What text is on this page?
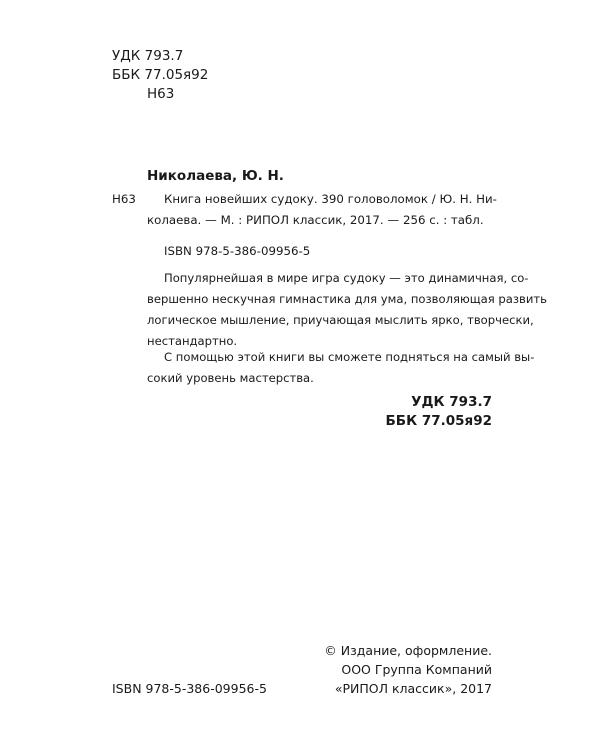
УДК 793.7
ББК 77.05я92
Н63
Николаева, Ю. Н.
Н63 Книга новейших судоку. 390 головоломок / Ю. Н. Ни-
колаева. — М. : РИПОЛ классик, 2017. — 256 с. : табл.
ISBN 978-5-386-09956-5
Популярнейшая в мире игра судоку — это динамичная, со-
вершенно нескучная гимнастика для ума, позволяющая развить
логическое мышление, приучающая мыслить ярко, творчески,
нестандартно.
С помощью этой книги вы сможете подняться на самый вы-
сокий уровень мастерства.
УДК 793.7
ББК 77.05я92
ISBN 978-5-386-09956-5
© Издание, оформление.
ООО Группа Компаний
«РИПОЛ классик», 2017
